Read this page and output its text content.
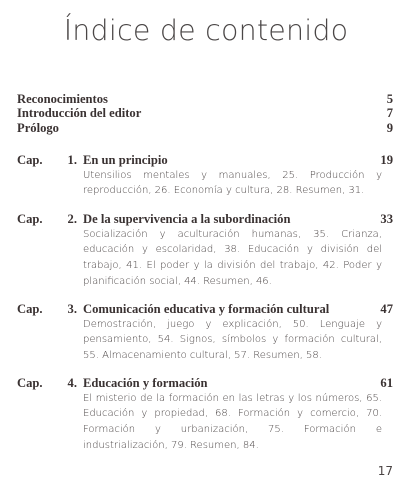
Índice de contenido
Reconocimientos	5
Introducción del editor	7
Prólogo	9
Cap.	1. En un principio	19
Utensilios mentales y manuales, 25. Producción y reproducción, 26. Economía y cultura, 28. Resumen, 31.
Cap.	2. De la supervivencia a la subordinación	33
Socialización y aculturación humanas, 35. Crianza, educación y escolaridad, 38. Educación y división del trabajo, 41. El poder y la división del trabajo, 42. Poder y planificación social, 44. Resumen, 46.
Cap.	3. Comunicación educativa y formación cultural	47
Demostración, juego y explicación, 50. Lenguaje y pensamiento, 54. Signos, símbolos y formación cultural, 55. Almacenamiento cultural, 57. Resumen, 58.
Cap.	4. Educación y formación	61
El misterio de la formación en las letras y los números, 65. Educación y propiedad, 68. Formación y comercio, 70. Formación y urbanización, 75. Formación e industrialización, 79. Resumen, 84.
17
